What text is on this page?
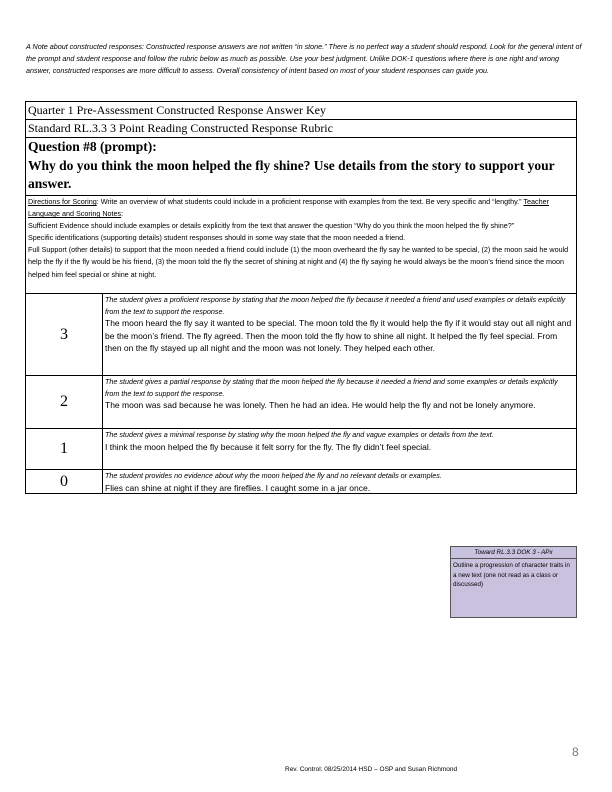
A Note about constructed responses: Constructed response answers are not written “in stone.” There is no perfect way a student should respond. Look for the general intent of the prompt and student response and follow the rubric below as much as possible. Use your best judgment. Unlike DOK-1 questions where there is one right and wrong answer, constructed responses are more difficult to assess. Overall consistency of intent based on most of your student responses can guide you.
Quarter 1 Pre-Assessment Constructed Response Answer Key
Standard RL.3.3 3 Point Reading Constructed Response Rubric
Question #8 (prompt):
Why do you think the moon helped the fly shine? Use details from the story to support your answer.
Directions for Scoring: Write an overview of what students could include in a proficient response with examples from the text. Be very specific and “lengthy.” Teacher Language and Scoring Notes:
Sufficient Evidence should include examples or details explicitly from the text that answer the question “Why do you think the moon helped the fly shine?”
Specific identifications (supporting details) student responses should in some way state that the moon needed a friend.
Full Support (other details) to support that the moon needed a friend could include (1) the moon overheard the fly say he wanted to be special, (2) the moon said he would help the fly if the fly would be his friend, (3) the moon told the fly the secret of shining at night and (4) the fly saying he would always be the moon’s friend since the moon helped him feel special or shine at night.
3
The student gives a proficient response by stating that the moon helped the fly because it needed a friend and used examples or details explicitly from the text to support the response.
The moon heard the fly say it wanted to be special. The moon told the fly it would help the fly if it would stay out all night and be the moon’s friend. The fly agreed. Then the moon told the fly how to shine all night. It helped the fly feel special. From then on the fly stayed up all night and the moon was not lonely. They helped each other.
2
The student gives a partial response by stating that the moon helped the fly because it needed a friend and some examples or details explicitly from the text to support the response.
The moon was sad because he was lonely. Then he had an idea. He would help the fly and not be lonely anymore.
1
The student gives a minimal response by stating why the moon helped the fly and vague examples or details from the text.
I think the moon helped the fly because it felt sorry for the fly. The fly didn’t feel special.
0	The student provides no evidence about why the moon helped the fly and no relevant details or examples.
Flies can shine at night if they are fireflies. I caught some in a jar once.
Toward RL.3.3 DOK 3 - APx
Outline a progression of character traits in a new text (one not read as a class or discussed)
8
Rev. Control: 08/25/2014 HSD – OSP and Susan Richmond
